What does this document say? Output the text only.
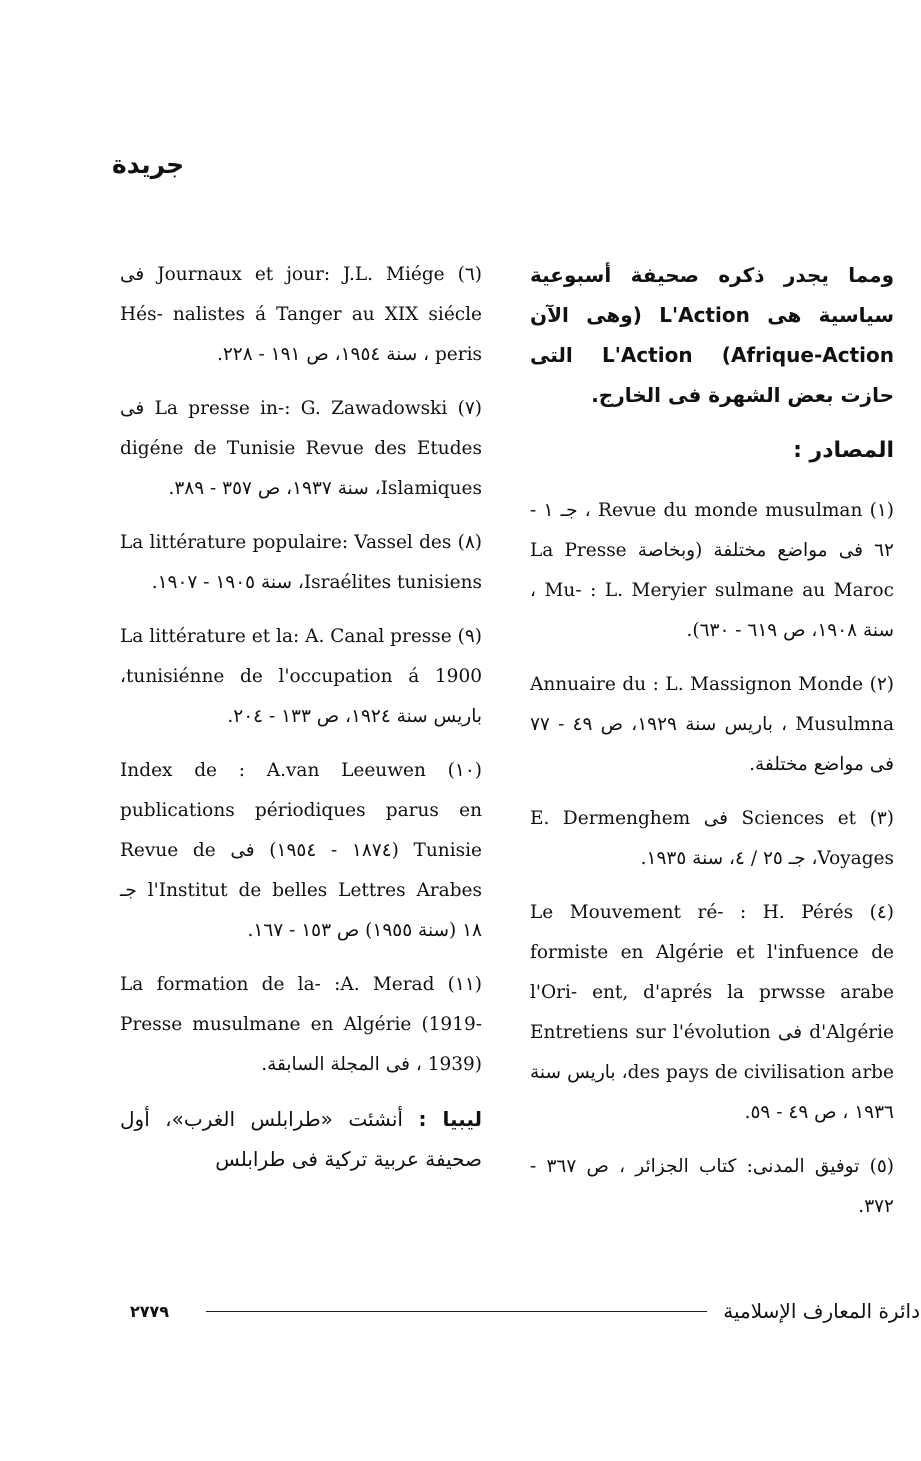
جريدة

ومما يجدر ذكره صحيفة أسبوعية سياسية هى L'Action (وهى الآن L'Action (Afrique-Action التى حازت بعض الشهرة فى الخارج.

المصادر :

(١) Revue du monde musulman ، جـ ١ - ٦٢ فى مواضع مختلفة (وبخاصة La Presse Mu- : L. Meryier sulmane au Maroc ، سنة ١٩٠٨، ص ٦١٩ - ٦٣٠).

(٢) Annuaire du : L. Massignon Monde Musulmna ، باريس سنة ١٩٢٩، ص ٤٩ - ٧٧ فى مواضع مختلفة.

(٣) Sciences et فى E. Dermenghem Voyages، جـ ٢٥ / ٤، سنة ١٩٣٥.

(٤) Le Mouvement ré- : H. Pérés formiste en Algérie et l'infuence de l'Ori- ent, d'aprés la prwsse arabe d'Algérie فى Entretiens sur l'évolution des pays de civilisation arbe، باريس سنة ١٩٣٦ ، ص ٤٩ - ٥٩.

(٥) توفيق المدنى: كتاب الجزائر ، ص ٣٦٧ - ٣٧٢.

(٦) Journaux et jour: J.L. Miége فى Hés- nalistes á Tanger au XIX siécle peris ، سنة ١٩٥٤، ص ١٩١ - ٢٢٨.

(٧) La presse in-: G. Zawadowski فى digéne de Tunisie Revue des Etudes Islamiques، سنة ١٩٣٧، ص ٣٥٧ - ٣٨٩.

(٨) La littérature populaire: Vassel des Israélites tunisiens، سنة ١٩٠٥ - ١٩٠٧.

(٩) La littérature et la: A. Canal presse tunisiénne de l'occupation á 1900، باريس سنة ١٩٢٤، ص ١٣٣ - ٢٠٤.

(١٠) Index de : A.van Leeuwen publications périodiques parus en Tunisie (١٨٧٤ - ١٩٥٤) فى Revue de l'Institut de belles Lettres Arabes جـ ١٨ (سنة ١٩٥٥) ص ١٥٣ - ١٦٧.

(١١) La formation de la- :A. Merad Presse musulmane en Algérie (1919- 1939) ، فى المجلة السابقة.

ليبيا : أنشئت «طرابلس الغرب»، أول صحيفة عربية تركية فى طرابلس

٢٧٧٩	دائرة المعارف الإسلامية
